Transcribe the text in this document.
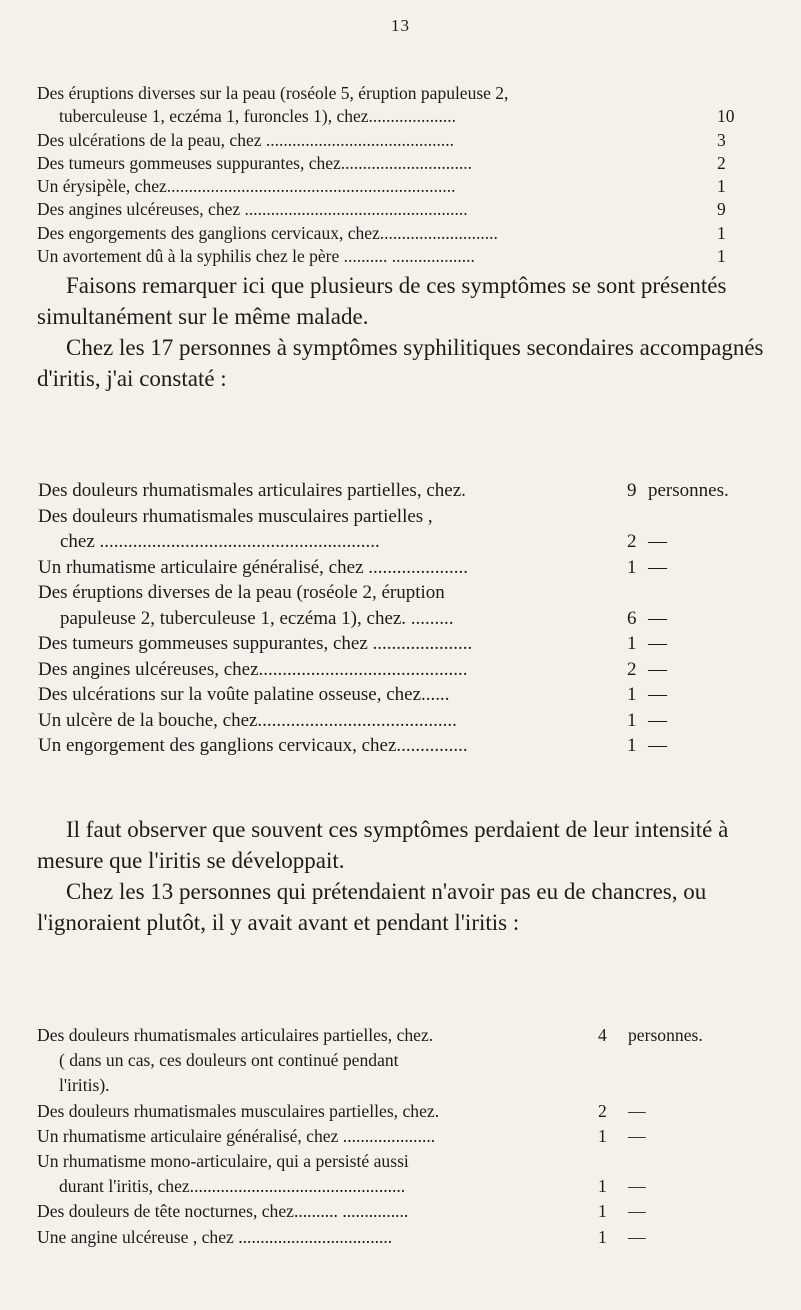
13
Des éruptions diverses sur la peau (roséole 5, éruption papuleuse 2,
tuberculeuse 1, eczéma 1, furoncles 1), chez....................	10
Des ulcérations de la peau, chez ...........................................	3
Des tumeurs gommeuses suppurantes, chez..............................	2
Un érysipèle, chez..................................................................	1
Des angines ulcéreuses, chez ...................................................	9
Des engorgements des ganglions cervicaux, chez...........................	1
Un avortement dû à la syphilis chez le père .......... ...................	1

Faisons remarquer ici que plusieurs de ces symptômes se sont présentés simultanément sur le même malade.

Chez les 17 personnes à symptômes syphilitiques secondaires accompagnés d'iritis, j'ai constaté :

Des douleurs rhumatismales articulaires partielles, chez.	9 personnes.
Des douleurs rhumatismales musculaires partielles ,
chez ...........................................................	2 —
Un rhumatisme articulaire généralisé, chez .....................	1 —
Des éruptions diverses de la peau (roséole 2, éruption
papuleuse 2, tuberculeuse 1, eczéma 1), chez. .........	6 —
Des tumeurs gommeuses suppurantes, chez .....................	1 —
Des angines ulcéreuses, chez............................................	2 —
Des ulcérations sur la voûte palatine osseuse, chez......	1 —
Un ulcère de la bouche, chez..........................................	1 —
Un engorgement des ganglions cervicaux, chez...............	1 —

Il faut observer que souvent ces symptômes perdaient de leur intensité à mesure que l'iritis se développait.

Chez les 13 personnes qui prétendaient n'avoir pas eu de chancres, ou l'ignoraient plutôt, il y avait avant et pendant l'iritis :

Des douleurs rhumatismales articulaires partielles, chez.	4 personnes.
( dans un cas, ces douleurs ont continué pendant
l'iritis).
Des douleurs rhumatismales musculaires partielles, chez.	2 —
Un rhumatisme articulaire généralisé, chez .....................	1 —
Un rhumatisme mono-articulaire, qui a persisté aussi
durant l'iritis, chez.................................................	1 —
Des douleurs de tête nocturnes, chez.......... ...............	1 —
Une angine ulcéreuse , chez ...................................	1 —
